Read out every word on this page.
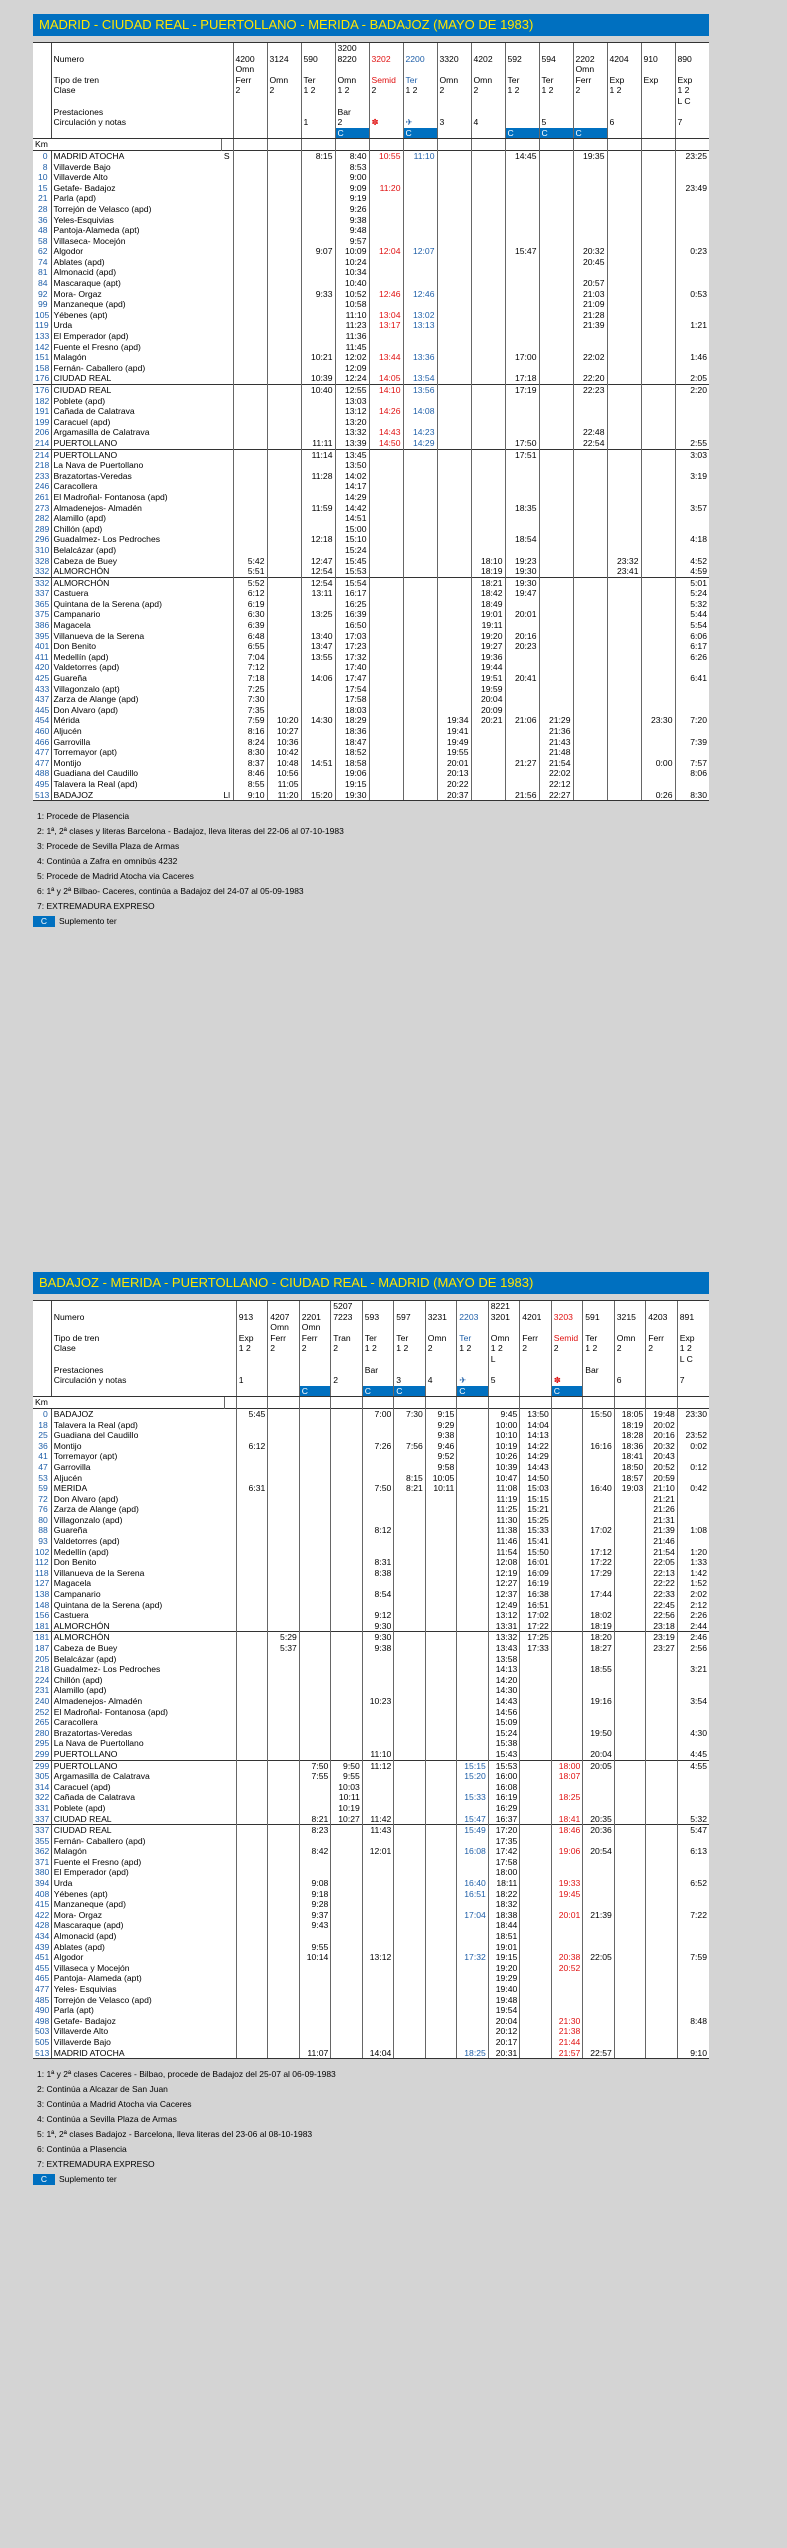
MADRID - CIUDAD REAL - PUERTOLLANO - MERIDA - BADAJOZ (MAYO DE 1983)
						3200										
	Numero		4200	3124	590	8220	3202	2200	3320	4202	592	594	2202	4204	910	890
			Omn										Omn			
	Tipo de tren		Ferr	Omn	Ter	Omn	Semid	Ter	Omn	Omn	Ter	Ter	Ferr	Exp	Exp	Exp
	Clase		2	2	1 2	1 2	2	1 2	2	2	1 2	1 2	2	1 2		1 2
																L C
	Prestaciones					Bar										
	Circulación y notas				1	2	✽	✈	3	4		5		6		7
						C		C			C	C	C			
Km																
0	MADRID ATOCHA	S			8:15	8:40	10:55	11:10			14:45		19:35			23:25
8	Villaverde Bajo					8:53										
10	Villaverde Alto					9:00										
15	Getafe- Badajoz					9:09	11:20									23:49
21	Parla (apd)					9:19										
28	Torrejón de Velasco (apd)					9:26										
36	Yeles-Esquivias					9:38										
48	Pantoja-Alameda (apt)					9:48										
58	Villaseca- Mocejón					9:57										
62	Algodor				9:07	10:09	12:04	12:07			15:47		20:32			0:23
74	Ablates (apd)					10:24							20:45			
81	Almonacid (apd)					10:34										
84	Mascaraque (apt)					10:40							20:57			
92	Mora- Orgaz				9:33	10:52	12:46	12:46					21:03			0:53
99	Manzaneque (apd)					10:58							21:09			
105	Yébenes (apt)					11:10	13:04	13:02					21:28			
119	Urda					11:23	13:17	13:13					21:39			1:21
133	El Emperador (apd)					11:36										
142	Fuente el Fresno (apd)					11:45										
151	Malagón				10:21	12:02	13:44	13:36			17:00		22:02			1:46
158	Fernán- Caballero (apd)					12:09										
176	CIUDAD REAL				10:39	12:24	14:05	13:54			17:18		22:20			2:05
176	CIUDAD REAL				10:40	12:55	14:10	13:56			17:19		22:23			2:20
182	Poblete (apd)					13:03										
191	Cañada de Calatrava					13:12	14:26	14:08								
199	Caracuel (apd)					13:20										
206	Argamasilla de Calatrava					13:32	14:43	14:23					22:48			
214	PUERTOLLANO				11:11	13:39	14:50	14:29			17:50		22:54			2:55
214	PUERTOLLANO				11:14	13:45					17:51					3:03
218	La Nava de Puertollano					13:50										
233	Brazatortas-Veredas				11:28	14:02										3:19
246	Caracollera					14:17										
261	El Madroñal- Fontanosa (apd)					14:29										
273	Almadenejos- Almadén				11:59	14:42					18:35					3:57
282	Alamillo (apd)					14:51										
289	Chillón (apd)					15:00										
296	Guadalmez- Los Pedroches				12:18	15:10					18:54					4:18
310	Belalcázar (apd)					15:24										
328	Cabeza de Buey		5:42		12:47	15:45				18:10	19:23			23:32		4:52
332	ALMORCHÓN		5:51		12:54	15:53				18:19	19:30			23:41		4:59
332	ALMORCHÓN		5:52		12:54	15:54				18:21	19:30					5:01
337	Castuera		6:12		13:11	16:17				18:42	19:47					5:24
365	Quintana de la Serena (apd)		6:19			16:25				18:49						5:32
375	Campanario		6:30		13:25	16:39				19:01	20:01					5:44
386	Magacela		6:39			16:50				19:11						5:54
395	Villanueva de la Serena		6:48		13:40	17:03				19:20	20:16					6:06
401	Don Benito		6:55		13:47	17:23				19:27	20:23					6:17
411	Medellín (apd)		7:04		13:55	17:32				19:36						6:26
420	Valdetorres (apd)		7:12			17:40				19:44						
425	Guareña		7:18		14:06	17:47				19:51	20:41					6:41
433	Villagonzalo (apt)		7:25			17:54				19:59						
437	Zarza de Alange (apd)		7:30			17:58				20:04						
445	Don Alvaro (apd)		7:35			18:03				20:09						
454	Mérida		7:59	10:20	14:30	18:29			19:34	20:21	21:06	21:29			23:30	7:20
460	Aljucén		8:16	10:27		18:36			19:41			21:36				
466	Garrovilla		8:24	10:36		18:47			19:49			21:43				7:39
477	Torremayor (apt)		8:30	10:42		18:52			19:55			21:48				
477	Montijo		8:37	10:48	14:51	18:58			20:01		21:27	21:54			0:00	7:57
488	Guadiana del Caudillo		8:46	10:56		19:06			20:13			22:02				8:06
495	Talavera la Real (apd)		8:55	11:05		19:15			20:22			22:12				
513	BADAJOZ	Ll	9:10	11:20	15:20	19:30			20:37		21:56	22:27			0:26	8:30
1: Procede de Plasencia
2: 1ª, 2ª clases y literas Barcelona - Badajoz, lleva literas del 22-06 al 07-10-1983
3: Procede de Sevilla Plaza de Armas
4: Continúa a Zafra en omnibús 4232
5: Procede de Madrid Atocha via Caceres
6: 1ª y 2ª Bilbao- Caceres, continúa a Badajoz del 24-07 al 05-09-1983
7: EXTREMADURA EXPRESO
C Suplemento ter
BADAJOZ - MERIDA - PUERTOLLANO - CIUDAD REAL - MADRID (MAYO DE 1983)
						5207					8221						
	Numero		913	4207	2201	7223	593	597	3231	2203	3201	4201	3203	591	3215	4203	891
				Omn	Omn												
	Tipo de tren		Exp	Ferr	Ferr	Tran	Ter	Ter	Omn	Ter	Omn	Ferr	Semid	Ter	Omn	Ferr	Exp
	Clase		1 2	2	2	2	1 2	1 2	2	1 2	1 2	2	2	1 2	2	2	1 2
											L						L C
	Prestaciones						Bar							Bar			
	Circulación y notas		1			2		3	4	✈	5		✽		6		7
					C		C	C		C			C				
Km																	
0	BADAJOZ		5:45				7:00	7:30	9:15		9:45	13:50		15:50	18:05	19:48	23:30
18	Talavera la Real (apd)								9:29		10:00	14:04			18:19	20:02	
25	Guadiana del Caudillo								9:38		10:10	14:13			18:28	20:16	23:52
36	Montijo		6:12				7:26	7:56	9:46		10:19	14:22		16:16	18:36	20:32	0:02
41	Torremayor (apt)								9:52		10:26	14:29			18:41	20:43	
47	Garrovilla								9:58		10:39	14:43			18:50	20:52	0:12
53	Aljucén							8:15	10:05		10:47	14:50			18:57	20:59	
59	MERIDA		6:31				7:50	8:21	10:11		11:08	15:03		16:40	19:03	21:10	0:42
72	Don Alvaro (apd)										11:19	15:15				21:21	
76	Zarza de Alange (apd)										11:25	15:21				21:26	
80	Villagonzalo (apd)										11:30	15:25				21:31	
88	Guareña						8:12				11:38	15:33		17:02		21:39	1:08
93	Valdetorres (apd)										11:46	15:41				21:46	
102	Medellín (apd)										11:54	15:50		17:12		21:54	1:20
112	Don Benito						8:31				12:08	16:01		17:22		22:05	1:33
118	Villanueva de la Serena						8:38				12:19	16:09		17:29		22:13	1:42
127	Magacela										12:27	16:19				22:22	1:52
138	Campanario						8:54				12:37	16:38		17:44		22:33	2:02
148	Quintana de la Serena (apd)										12:49	16:51				22:45	2:12
156	Castuera						9:12				13:12	17:02		18:02		22:56	2:26
181	ALMORCHÓN						9:30				13:31	17:22		18:19		23:18	2:44
181	ALMORCHÓN			5:29			9:30				13:32	17:25		18:20		23:19	2:46
187	Cabeza de Buey			5:37			9:38				13:43	17:33		18:27		23:27	2:56
205	Belalcázar (apd)										13:58						
218	Guadalmez- Los Pedroches										14:13			18:55			3:21
224	Chillón (apd)										14:20						
231	Alamillo (apd)										14:30						
240	Almadenejos- Almadén						10:23				14:43			19:16			3:54
252	El Madroñal- Fontanosa (apd)										14:56						
265	Caracollera										15:09						
280	Brazatortas-Veredas										15:24			19:50			4:30
295	La Nava de Puertollano										15:38						
299	PUERTOLLANO						11:10				15:43			20:04			4:45
299	PUERTOLLANO				7:50	9:50	11:12			15:15	15:53		18:00	20:05			4:55
305	Argamasilla de Calatrava				7:55	9:55				15:20	16:00		18:07				
314	Caracuel (apd)					10:03					16:08						
322	Cañada de Calatrava					10:11				15:33	16:19		18:25				
331	Poblete (apd)					10:19					16:29						
337	CIUDAD REAL				8:21	10:27	11:42			15:47	16:37		18:41	20:35			5:32
337	CIUDAD REAL				8:23		11:43			15:49	17:20		18:46	20:36			5:47
355	Fernán- Caballero (apd)										17:35						
362	Malagón				8:42		12:01			16:08	17:42		19:06	20:54			6:13
371	Fuente el Fresno (apd)										17:58						
380	El Emperador (apd)										18:00						
394	Urda				9:08					16:40	18:11		19:33				6:52
408	Yébenes (apt)				9:18					16:51	18:22		19:45				
415	Manzaneque (apd)				9:28						18:32						
422	Mora- Orgaz				9:37					17:04	18:38		20:01	21:39			7:22
428	Mascaraque (apd)				9:43						18:44						
434	Almonacid (apd)										18:51						
439	Ablates (apd)				9:55						19:01						
451	Algodor				10:14		13:12			17:32	19:15		20:38	22:05			7:59
455	Villaseca y Mocejón										19:20		20:52				
465	Pantoja- Alameda (apt)										19:29						
477	Yeles- Esquivias										19:40						
485	Torrejón de Velasco (apd)										19:48						
490	Parla (apt)										19:54						
498	Getafe- Badajoz										20:04		21:30				8:48
503	Villaverde Alto										20:12		21:38				
505	Villaverde Bajo										20:17		21:44				
513	MADRID ATOCHA				11:07		14:04			18:25	20:31		21:57	22:57			9:10
1: 1ª y 2ª clases Caceres - Bilbao, procede de Badajoz del 25-07 al 06-09-1983
2: Continúa a Alcazar de San Juan
3: Continúa a Madrid Atocha via Caceres
4: Continúa a Sevilla Plaza de Armas
5: 1ª, 2ª clases Badajoz - Barcelona, lleva literas del 23-06 al 08-10-1983
6: Continúa a Plasencia
7: EXTREMADURA EXPRESO
C Suplemento ter
